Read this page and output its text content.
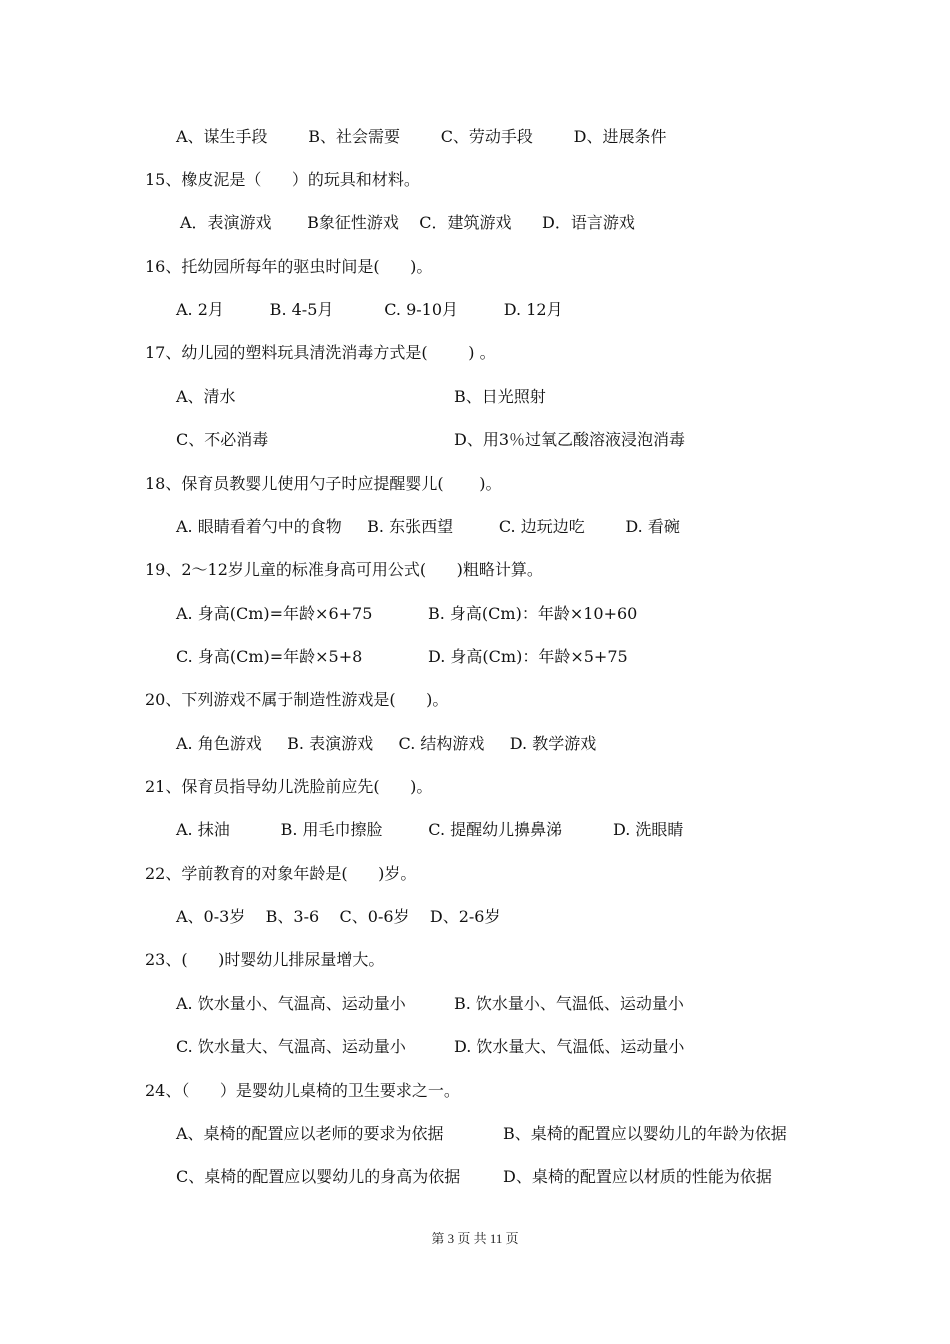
A、谋生手段        B、社会需要        C、劳动手段        D、进展条件
15、橡皮泥是（      ）的玩具和材料。
A．表演游戏       B象征性游戏    C．建筑游戏      D．语言游戏
16、托幼园所每年的驱虫时间是(      )。
A. 2月         B. 4-5月          C. 9-10月         D. 12月
17、幼儿园的塑料玩具清洗消毒方式是(        ) 。
A、清水	B、日光照射
C、不必消毒	D、用3％过氧乙酸溶液浸泡消毒
18、保育员教婴儿使用勺子时应提醒婴儿(       )。
A. 眼睛看着勺中的食物     B. 东张西望         C. 边玩边吃        D. 看碗
19、2～12岁儿童的标准身高可用公式(      )粗略计算。
A. 身高(Cm)=年龄×6+75	B. 身高(Cm)：年龄×10+60
C. 身高(Cm)=年龄×5+8	D. 身高(Cm)：年龄×5+75
20、下列游戏不属于制造性游戏是(      )。
A. 角色游戏     B. 表演游戏     C. 结构游戏     D. 教学游戏
21、保育员指导幼儿洗脸前应先(      )。
A. 抹油          B. 用毛巾擦脸         C. 提醒幼儿擤鼻涕          D. 洗眼睛
22、学前教育的对象年龄是(      )岁。
A、0-3岁    B、3-6    C、0-6岁    D、2-6岁
23、(      )时婴幼儿排尿量增大。
A. 饮水量小、气温高、运动量小	B. 饮水量小、气温低、运动量小
C. 饮水量大、气温高、运动量小	D. 饮水量大、气温低、运动量小
24、（      ）是婴幼儿桌椅的卫生要求之一。
A、桌椅的配置应以老师的要求为依据	B、桌椅的配置应以婴幼儿的年龄为依据
C、桌椅的配置应以婴幼儿的身高为依据	D、桌椅的配置应以材质的性能为依据
第 3 页 共 11 页
